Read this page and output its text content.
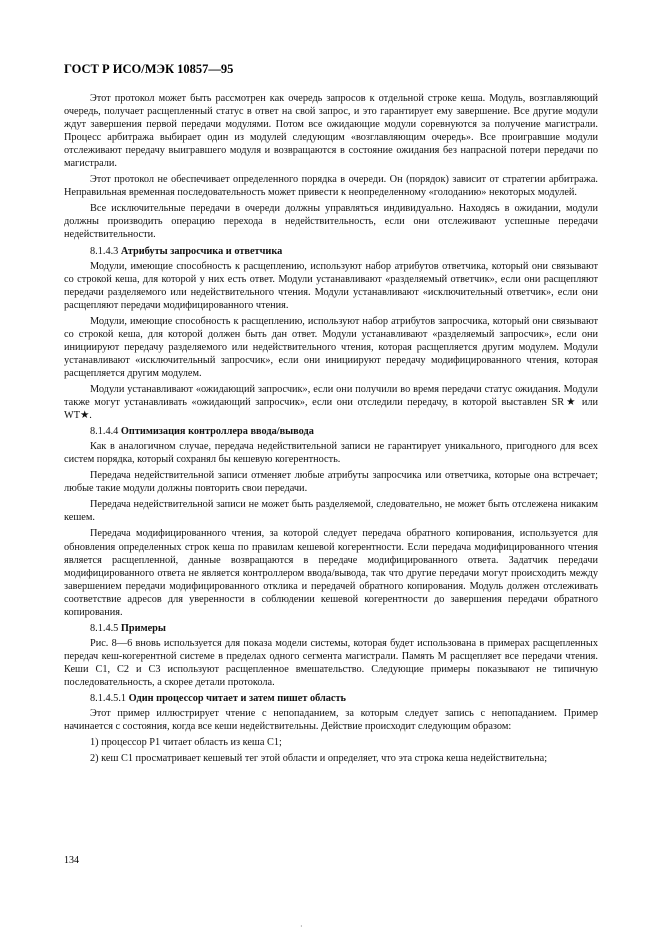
ГОСТ Р ИСО/МЭК 10857—95

Этот протокол может быть рассмотрен как очередь запросов к отдельной строке кеша. Модуль, возглавляющий очередь, получает расщепленный статус в ответ на свой запрос, и это гарантирует ему завершение. Все другие модули ждут завершения первой передачи модулями. Потом все ожидающие модули соревнуются за получение магистрали. Процесс арбитража выбирает один из модулей следующим «возглавляющим очередь». Все проигравшие модули отслеживают передачу выигравшего модуля и возвращаются в состояние ожидания без напрасной потери передачи по магистрали.

Этот протокол не обеспечивает определенного порядка в очереди. Он (порядок) зависит от стратегии арбитража. Неправильная временная последовательность может привести к неопределенному «голоданию» некоторых модулей.

Все исключительные передачи в очереди должны управляться индивидуально. Находясь в ожидании, модули должны производить операцию перехода в недействительность, если они отслеживают успешные передачи недействительности.

8.1.4.3 Атрибуты запросчика и ответчика

Модули, имеющие способность к расщеплению, используют набор атрибутов ответчика, который они связывают со строкой кеша, для которой у них есть ответ. Модули устанавливают «разделяемый ответчик», если они расщепляют передачи разделяемого или недействительного чтения. Модули устанавливают «исключительный ответчик», если они расщепляют передачи модифицированного чтения.

Модули, имеющие способность к расщеплению, используют набор атрибутов запросчика, который они связывают со строкой кеша, для которой должен быть дан ответ. Модули устанавливают «разделяемый запросчик», если они инициируют передачу разделяемого или недействительного чтения, которая расщепляется другим модулем. Модули устанавливают «исключительный запросчик», если они инициируют передачу модифицированного чтения, которая расщепляется другим модулем.

Модули устанавливают «ожидающий запросчик», если они получили во время передачи статус ожидания. Модули также могут устанавливать «ожидающий запросчик», если они отследили передачу, в которой выставлен SR★ или WT★.

8.1.4.4 Оптимизация контроллера ввода/вывода

Как в аналогичном случае, передача недействительной записи не гарантирует уникального, пригодного для всех систем порядка, который сохранял бы кешевую когерентность.

Передача недействительной записи отменяет любые атрибуты запросчика или ответчика, которые она встречает; любые такие модули должны повторить свои передачи.

Передача недействительной записи не может быть разделяемой, следовательно, не может быть отслежена никаким кешем.

Передача модифицированного чтения, за которой следует передача обратного копирования, используется для обновления определенных строк кеша по правилам кешевой когерентности. Если передача модифицированного чтения является расщепленной, данные возвращаются в передаче модифицированного ответа. Задатчик передачи модифицированного ответа не является контроллером ввода/вывода, так что другие передачи могут происходить между завершением передачи модифицированного отклика и передачей обратного копирования. Модуль должен отслеживать соответствие адресов для уверенности в соблюдении кешевой когерентности до завершения передачи обратного копирования.

8.1.4.5 Примеры

Рис. 8—6 вновь используется для показа модели системы, которая будет использована в примерах расщепленных передач кеш-когерентной системе в пределах одного сегмента магистрали. Память М расщепляет все передачи чтения. Кеши С1, С2 и С3 используют расщепленное вмешательство. Следующие примеры показывают не типичную последовательность, а скорее детали протокола.

8.1.4.5.1 Один процессор читает и затем пишет область

Этот пример иллюстрирует чтение с непопаданием, за которым следует запись с непопаданием. Пример начинается с состояния, когда все кеши недействительны. Действие происходит следующим образом:

1) процессор Р1 читает область из кеша С1;

2) кеш С1 просматривает кешевый тег этой области и определяет, что эта строка кеша недействительна;

134
·
